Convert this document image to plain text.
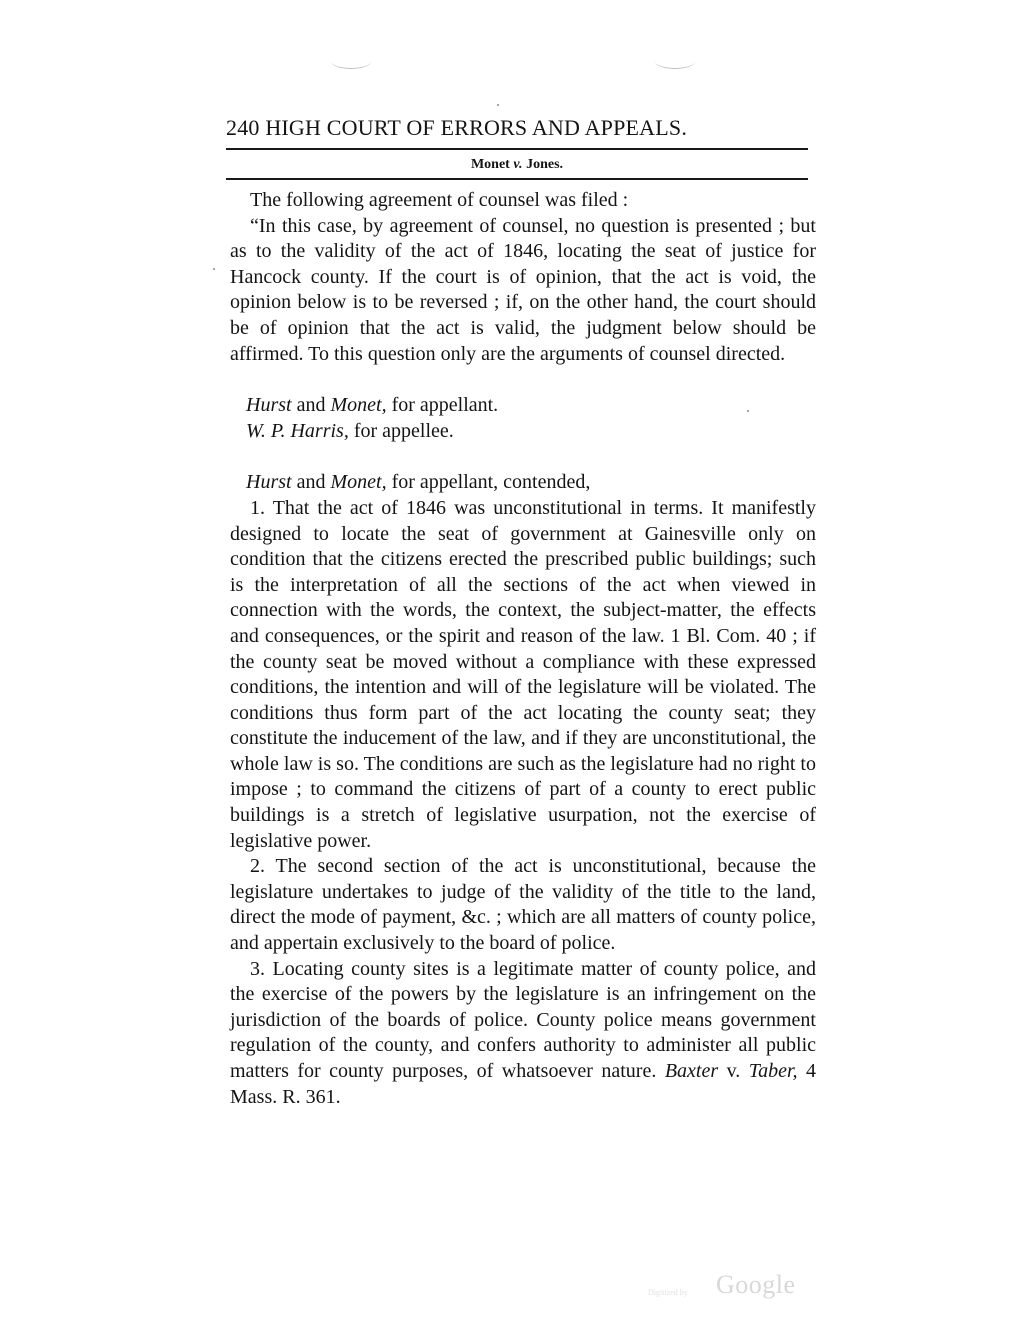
240 HIGH COURT OF ERRORS AND APPEALS.
Monet v. Jones.

The following agreement of counsel was filed :

“In this case, by agreement of counsel, no question is presented ; but as to the validity of the act of 1846, locating the seat of justice for Hancock county. If the court is of opinion, that the act is void, the opinion below is to be reversed ; if, on the other hand, the court should be of opinion that the act is valid, the judgment below should be affirmed. To this question only are the arguments of counsel directed.

Hurst and Monet, for appellant.

W. P. Harris, for appellee.

Hurst and Monet, for appellant, contended,

1. That the act of 1846 was unconstitutional in terms. It manifestly designed to locate the seat of government at Gainesville only on condition that the citizens erected the prescribed public buildings; such is the interpretation of all the sections of the act when viewed in connection with the words, the context, the subject-matter, the effects and consequences, or the spirit and reason of the law. 1 Bl. Com. 40 ; if the county seat be moved without a compliance with these expressed conditions, the intention and will of the legislature will be violated. The conditions thus form part of the act locating the county seat; they constitute the inducement of the law, and if they are unconstitutional, the whole law is so. The conditions are such as the legislature had no right to impose ; to command the citizens of part of a county to erect public buildings is a stretch of legislative usurpation, not the exercise of legislative power.

2. The second section of the act is unconstitutional, because the legislature undertakes to judge of the validity of the title to the land, direct the mode of payment, &c. ; which are all matters of county police, and appertain exclusively to the board of police.

3. Locating county sites is a legitimate matter of county police, and the exercise of the powers by the legislature is an infringement on the jurisdiction of the boards of police. County police means government regulation of the county, and confers authority to administer all public matters for county purposes, of whatsoever nature. Baxter v. Taber, 4 Mass. R. 361.

Digitized by Google
